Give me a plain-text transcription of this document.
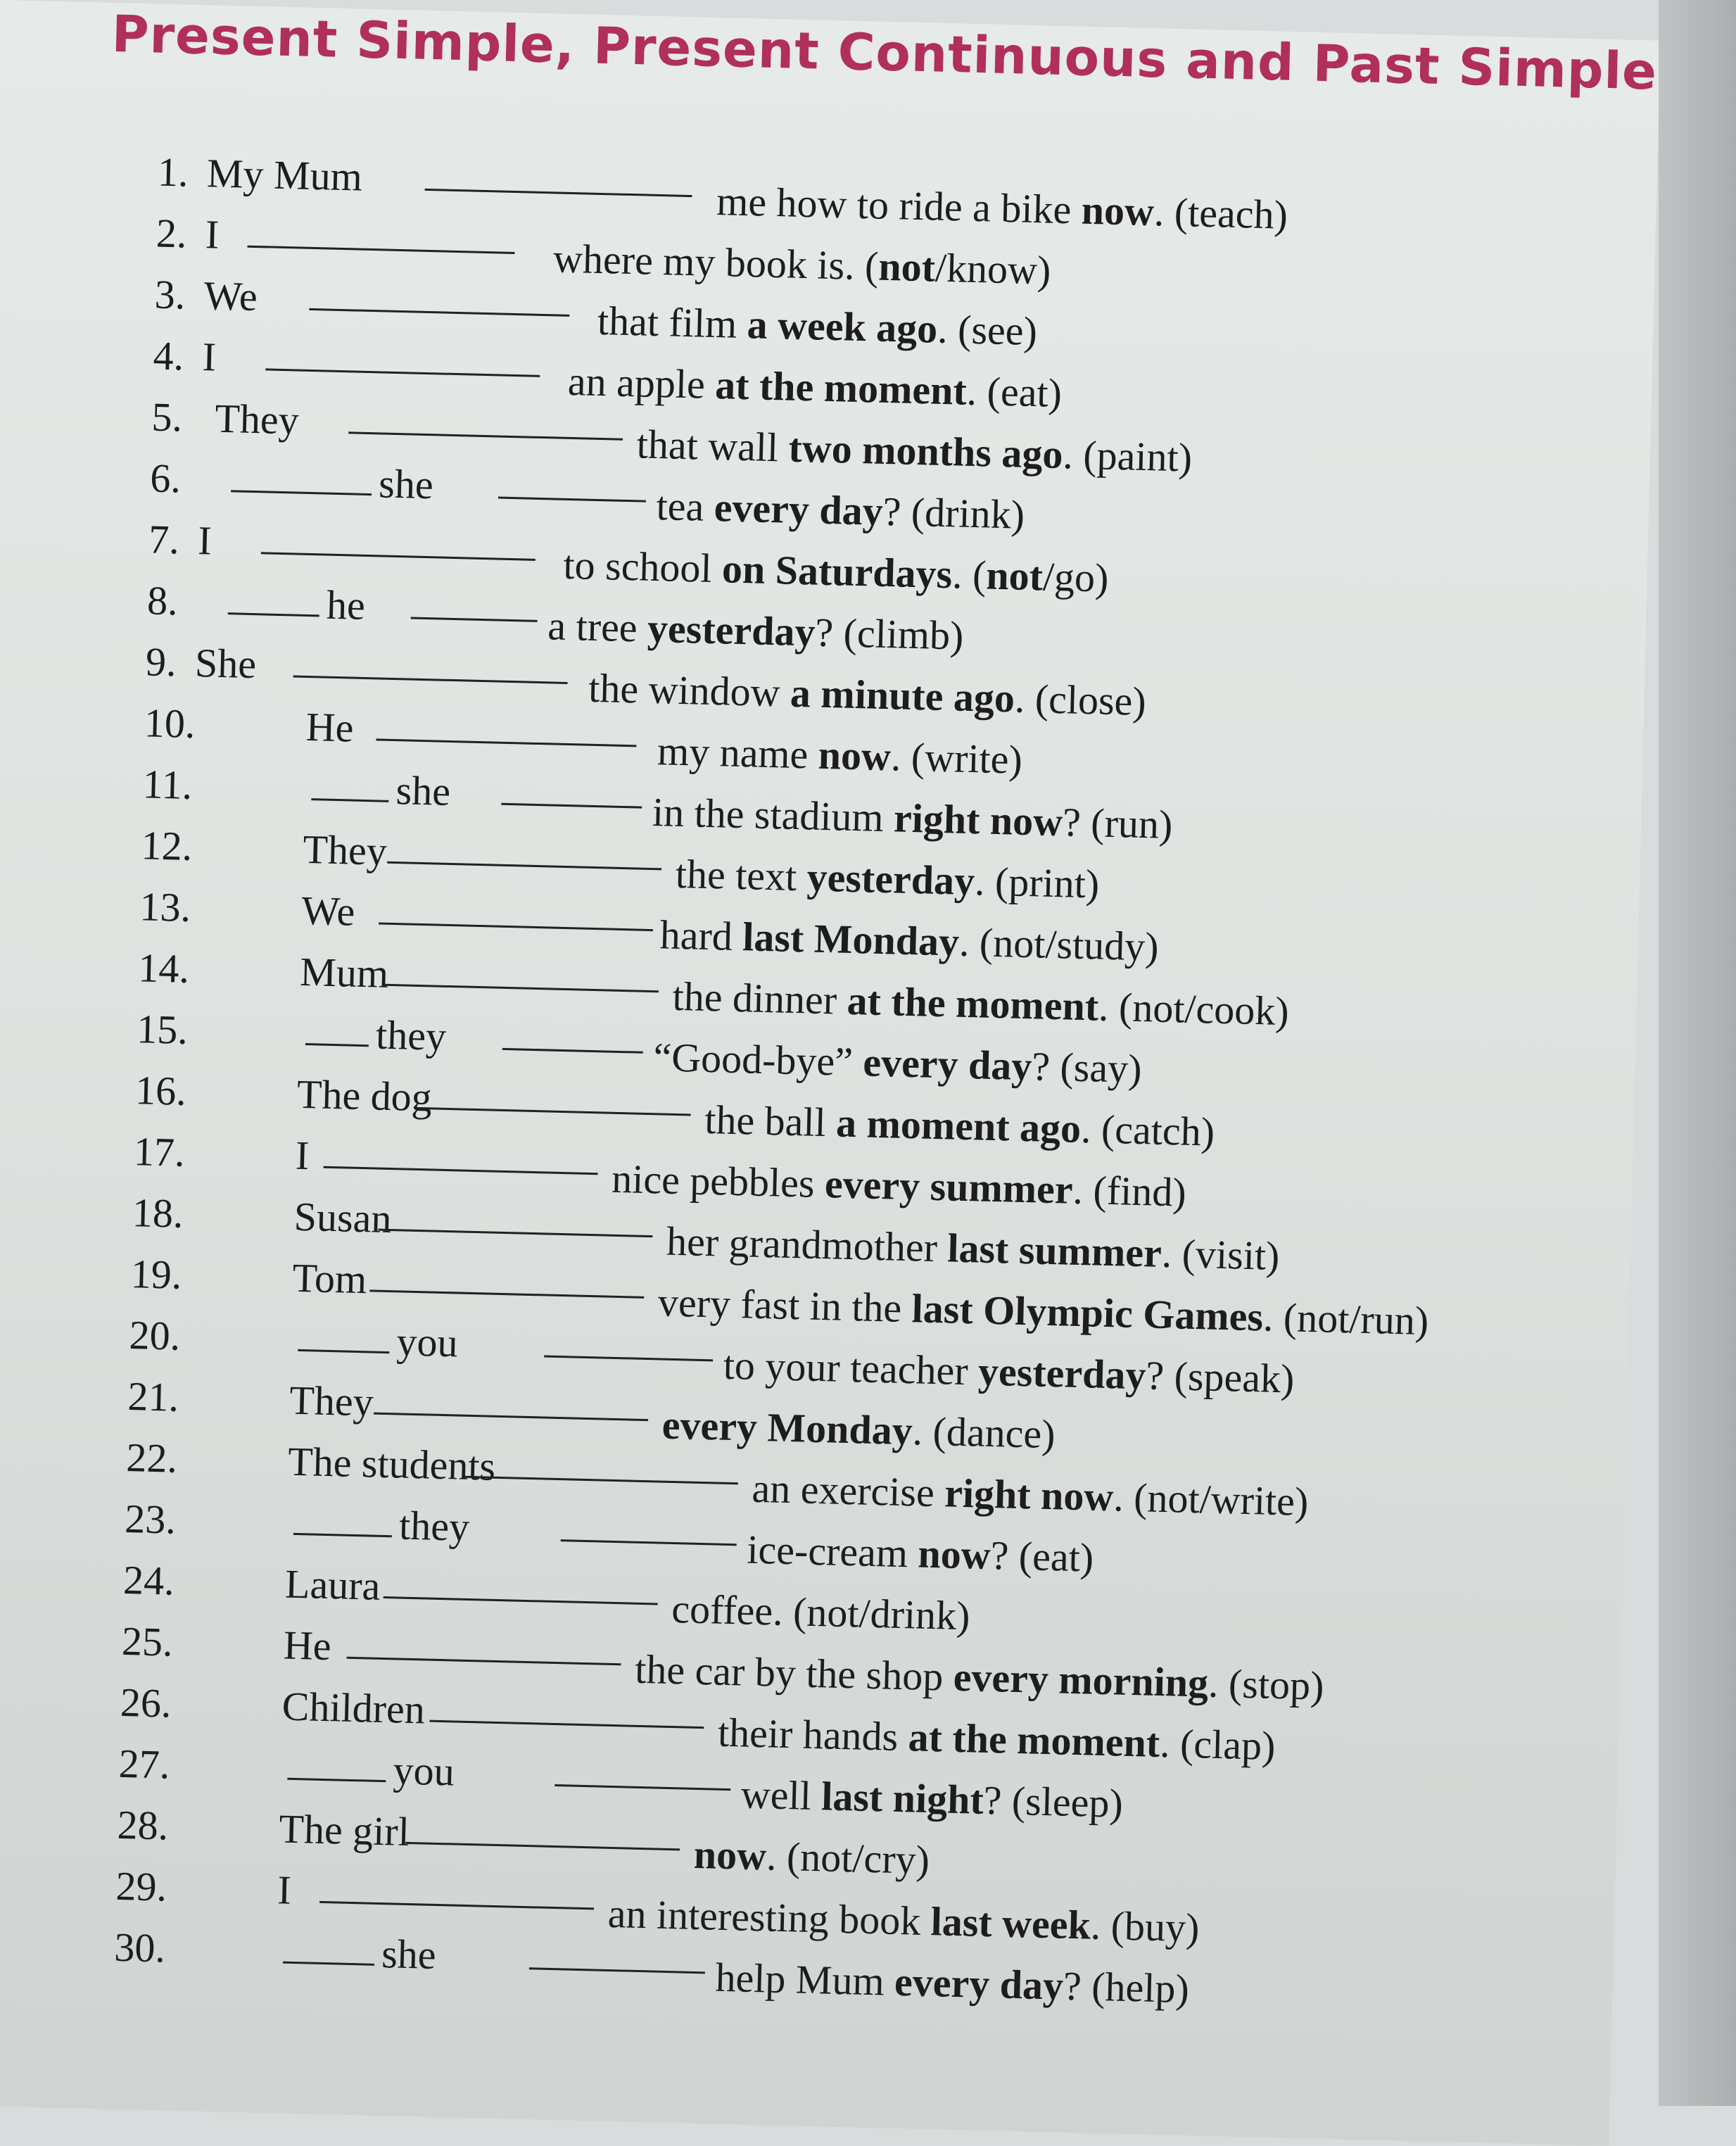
Present Simple, Present Continuous and Past Simple
1. My Mum
me how to ride a bike now. (teach)
2. I
where my book is. (not/know)
3. We
that film a week ago. (see)
4. I
an apple at the moment. (eat)
5. They
that wall two months ago. (paint)
6.	she	tea every day? (drink)
7. I
to school on Saturdays. (not/go)
8.	he	a tree yesterday? (climb)
9. She
the window a minute ago. (close)
10.	He
my name now. (write)
11.	she	in the stadium right now? (run)
12.	They
the text yesterday. (print)
13.	We
hard last Monday. (not/study)
14.	Mum
the dinner at the moment. (not/cook)
15.	they	“Good-bye” every day? (say)
16.	The dog
the ball a moment ago. (catch)
17.	I
nice pebbles every summer. (find)
18.	Susan
her grandmother last summer. (visit)
19.	Tom
very fast in the last Olympic Games. (not/run)
20.	you	to your teacher yesterday? (speak)
21.	They
every Monday. (dance)
22.	The students
an exercise right now. (not/write)
23.	they
ice-cream now? (eat)
24.	Laura
coffee. (not/drink)
25.	He
the car by the shop every morning. (stop)
26.	Children
their hands at the moment. (clap)
27.	you
well last night? (sleep)
28.	The girl
now. (not/cry)
29.	I
an interesting book last week. (buy)
30.	she
help Mum every day? (help)
